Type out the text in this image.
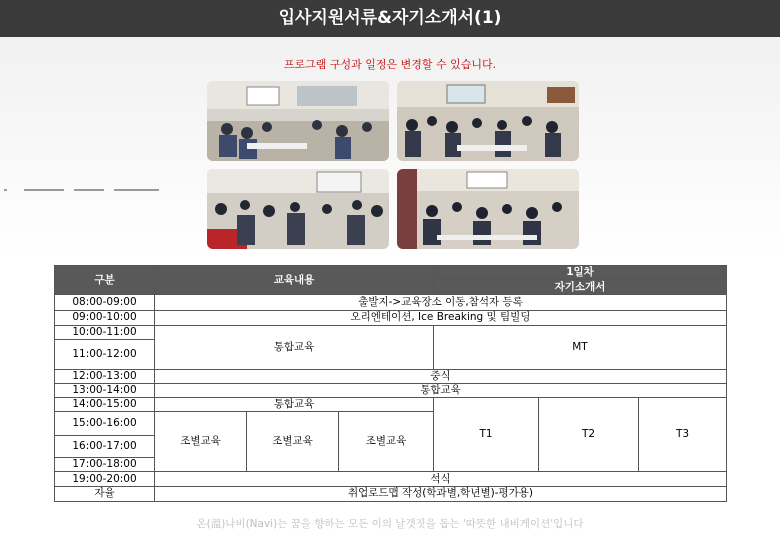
입사지원서류&자기소개서(1)
프로그램 구성과 일정은 변경할 수 있습니다.
구분	교육내용			1일차		
				자기소개서		
08:00-09:00	출발지->교육장소 이동,참석자 등록					
09:00-10:00	오리엔테이션, Ice Breaking 및 팀빌딩					
10:00-11:00	통합교육			MT		
11:00-12:00						
12:00-13:00	중식					
13:00-14:00	통합교육					
14:00-15:00	통합교육			T1	T2	T3
15:00-16:00	조별교육	조별교육	조별교육			
16:00-17:00						
17:00-18:00						
19:00-20:00	석식					
자율	취업로드맵 작성(학과별,학년별)-평가용)					
온(溫)나비(Navi)는 꿈을 향하는 모든 이의 날갯짓을 돕는 '따뜻한 내비게이션'입니다
